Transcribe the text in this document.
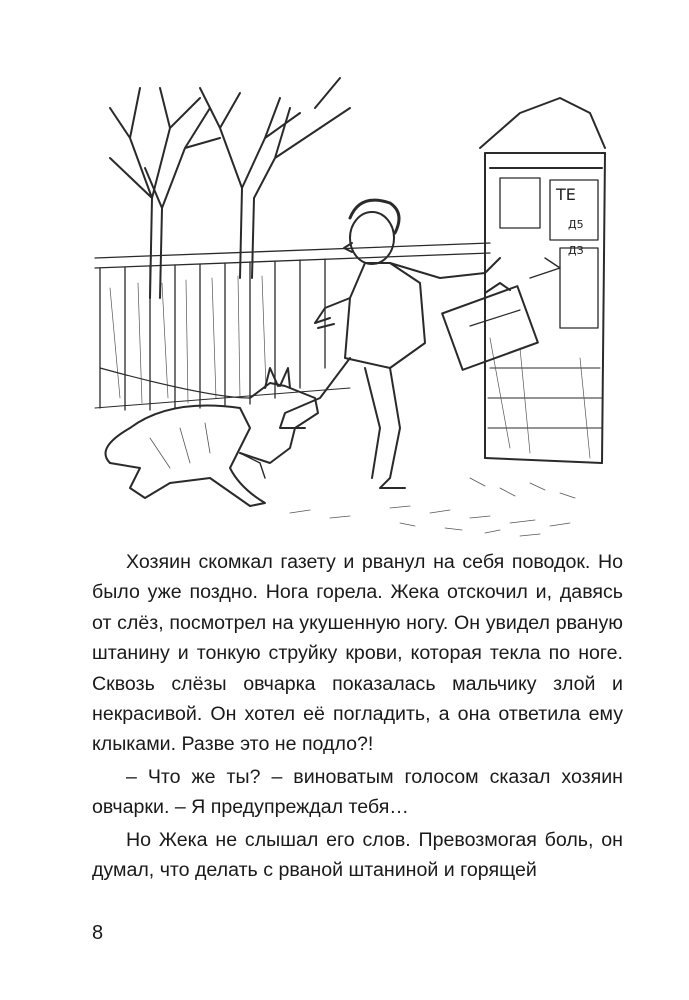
ТЕ
Д5
ДЗ

Хозяин скомкал газету и рванул на себя поводок. Но было уже поздно. Нога горела. Жека отскочил и, давясь от слёз, посмотрел на укушенную ногу. Он увидел рваную штанину и тонкую струйку крови, которая текла по ноге. Сквозь слёзы овчарка показалась мальчику злой и некрасивой. Он хотел её погладить, а она ответила ему клыками. Разве это не подло?!

– Что же ты? – виноватым голосом сказал хозяин овчарки. – Я предупреждал тебя…

Но Жека не слышал его слов. Превозмогая боль, он думал, что делать с рваной штаниной и горящей

8
